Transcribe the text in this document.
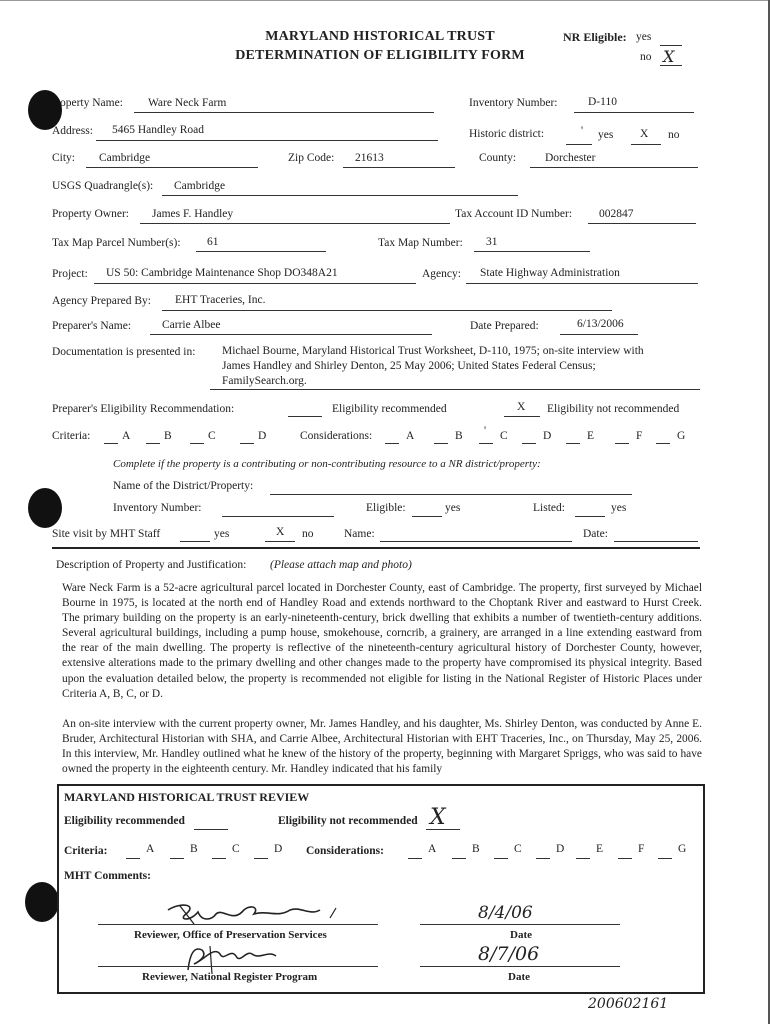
MARYLAND HISTORICAL TRUST
DETERMINATION OF ELIGIBILITY FORM
NR Eligible: yes
no X
operty Name: Ware Neck Farm	Inventory Number:	D-110
Address: 5465 Handley Road	Historic district:	' yes X no
City: Cambridge	Zip Code: 21613	County:	Dorchester
USGS Quadrangle(s): Cambridge
Property Owner: James F. Handley	Tax Account ID Number: 002847
Tax Map Parcel Number(s): 61	Tax Map Number: 31
Project: US 50: Cambridge Maintenance Shop DO348A21	Agency: State Highway Administration
Agency Prepared By: EHT Traceries, Inc.
Preparer's Name:	Carrie Albee	Date Prepared:	6/13/2006
Documentation is presented in: Michael Bourne, Maryland Historical Trust Worksheet, D-110, 1975; on-site interview with
James Handley and Shirley Denton, 25 May 2006; United States Federal Census;
FamilySearch.org.
Preparer's Eligibility Recommendation:	Eligibility recommended	X Eligibility not recommended
Criteria:	A	B	C	D	Considerations:	A	B ' C	D	E	F	G
Complete if the property is a contributing or non-contributing resource to a NR district/property:
Name of the District/Property:
Inventory Number:	Eligible:	yes	Listed:	yes
Site visit by MHT Staff	yes	X no	Name:	Date:
Description of Property and Justification: (Please attach map and photo)
Ware Neck Farm is a 52-acre agricultural parcel located in Dorchester County, east of Cambridge. The property, first surveyed by Michael Bourne in 1975, is located at the north end of Handley Road and extends northward to the Choptank River and eastward to Hurst Creek. The primary building on the property is an early-nineteenth-century, brick dwelling that exhibits a number of twentieth-century additions. Several agricultural buildings, including a pump house, smokehouse, corncrib, a grainery, are arranged in a line extending eastward from the rear of the main dwelling. The property is reflective of the nineteenth-century agricultural history of Dorchester County, however, extensive alterations made to the primary dwelling and other changes made to the property have compromised its physical integrity. Based upon the evaluation detailed below, the property is recommended not eligible for listing in the National Register of Historic Places under Criteria A, B, C, or D.
An on-site interview with the current property owner, Mr. James Handley, and his daughter, Ms. Shirley Denton, was conducted by Anne E. Bruder, Architectural Historian with SHA, and Carrie Albee, Architectural Historian with EHT Traceries, Inc., on Thursday, May 25, 2006. In this interview, Mr. Handley outlined what he knew of the history of the property, beginning with Margaret Spriggs, who was said to have owned the property in the eighteenth century. Mr. Handley indicated that his family
MARYLAND HISTORICAL TRUST REVIEW
Eligibility recommended	Eligibility not recommended X
Criteria:	A	B	C	D Considerations:	A	B	C	D	E	F	G
MHT Comments:
Reviewer, Office of Preservation Services
8/4/06
Date
Reviewer, National Register Program
8/7/06
Date
200602161
